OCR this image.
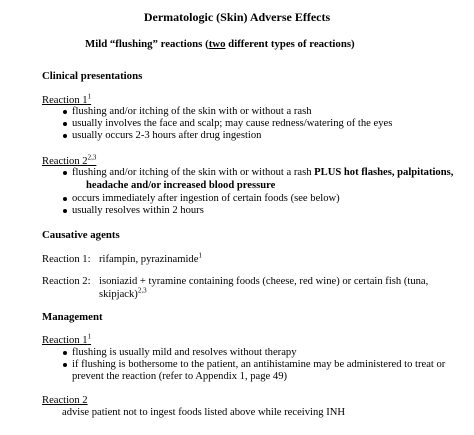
Dermatologic (Skin) Adverse Effects
Mild “flushing” reactions (two different types of reactions)
Clinical presentations
Reaction $1^1$
flushing and/or itching of the skin with or without a rash
usually involves the face and scalp; may cause redness/watering of the eyes
usually occurs 2-3 hours after drug ingestion
Reaction 2$^{2,3}$
flushing and/or itching of the skin with or without a rash PLUS hot flashes, palpitations,
headache and/or increased blood pressure
occurs immediately after ingestion of certain foods (see below)
usually resolves within 2 hours
Causative agents
Reaction 1: rifampin, pyrazinamide$^1$
Reaction 2: isoniazid + tyramine containing foods (cheese, red wine) or certain fish (tuna,
skipjack)$^{2,3}$
Management
Reaction $1^1$
flushing is usually mild and resolves without therapy
if flushing is bothersome to the patient, an antihistamine may be administered to treat or
prevent the reaction (refer to Appendix 1, page 49)
Reaction 2
advise patient not to ingest foods listed above while receiving INH
